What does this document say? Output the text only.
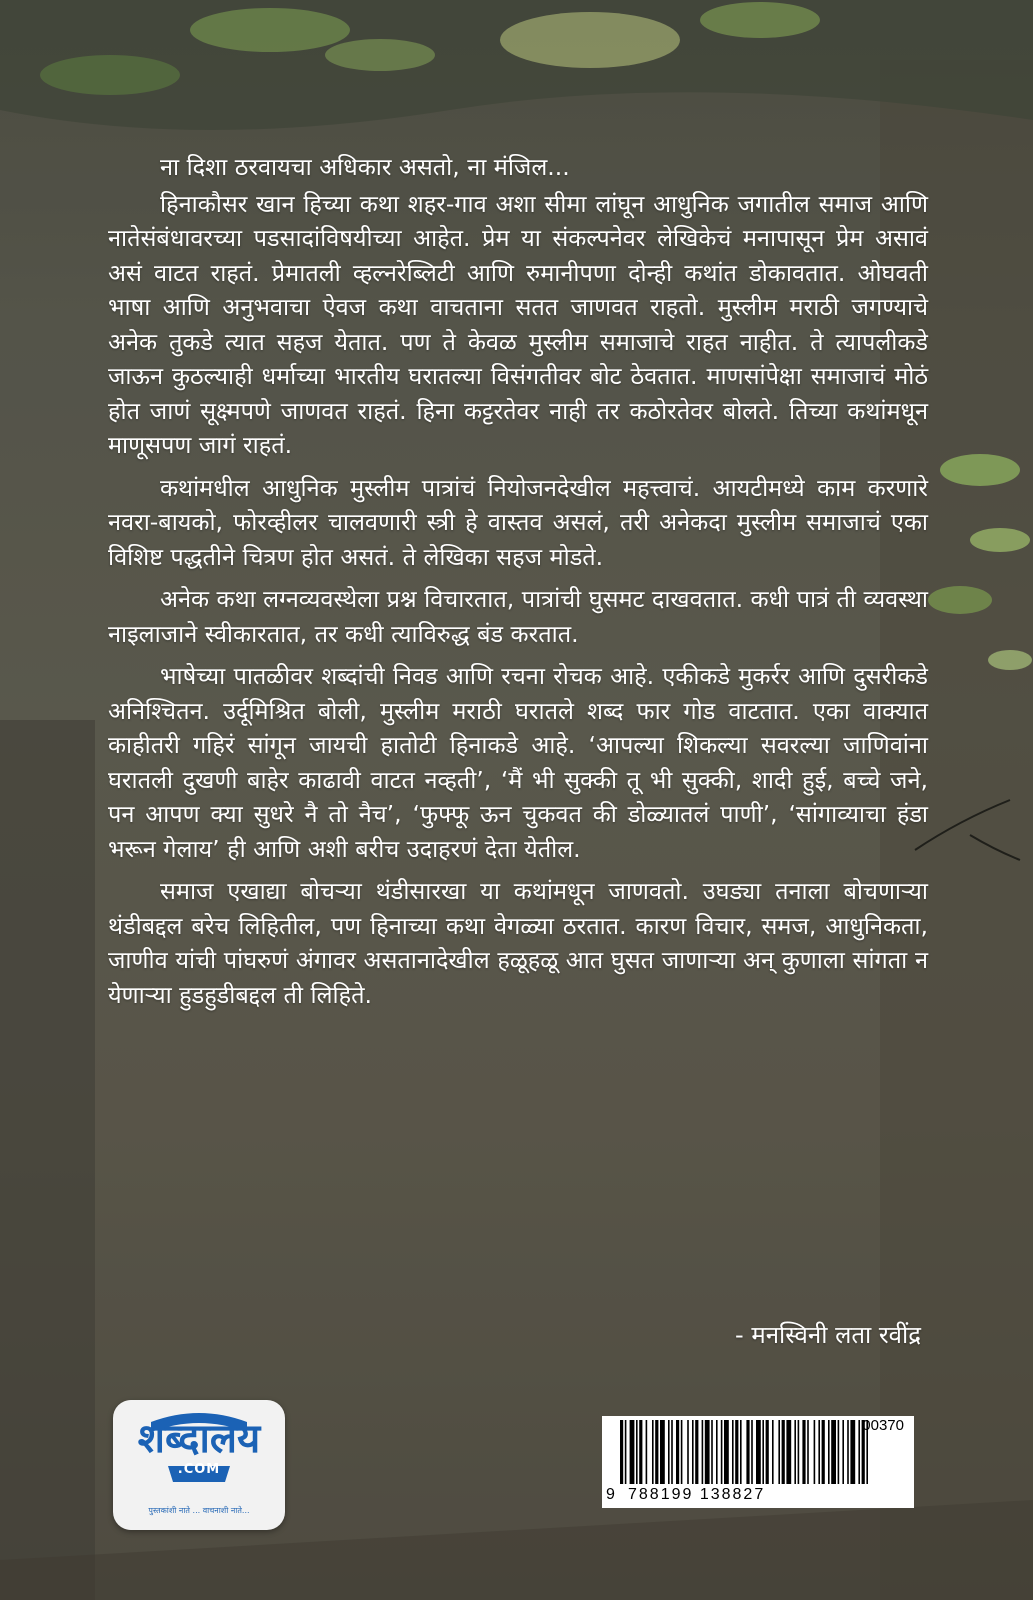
ना दिशा ठरवायचा अधिकार असतो, ना मंजिल...

हिनाकौसर खान हिच्या कथा शहर-गाव अशा सीमा लांघून आधुनिक जगातील समाज आणि नातेसंबंधावरच्या पडसादांविषयीच्या आहेत. प्रेम या संकल्पनेवर लेखिकेचं मनापासून प्रेम असावं असं वाटत राहतं. प्रेमातली व्हल्नरेब्लिटी आणि रुमानीपणा दोन्ही कथांत डोकावतात. ओघवती भाषा आणि अनुभवाचा ऐवज कथा वाचताना सतत जाणवत राहतो. मुस्लीम मराठी जगण्याचे अनेक तुकडे त्यात सहज येतात. पण ते केवळ मुस्लीम समाजाचे राहत नाहीत. ते त्यापलीकडे जाऊन कुठल्याही धर्माच्या भारतीय घरातल्या विसंगतीवर बोट ठेवतात. माणसांपेक्षा समाजाचं मोठं होत जाणं सूक्ष्मपणे जाणवत राहतं. हिना कट्टरतेवर नाही तर कठोरतेवर बोलते. तिच्या कथांमधून माणूसपण जागं राहतं.

कथांमधील आधुनिक मुस्लीम पात्रांचं नियोजनदेखील महत्त्वाचं. आयटीमध्ये काम करणारे नवरा-बायको, फोरव्हीलर चालवणारी स्त्री हे वास्तव असलं, तरी अनेकदा मुस्लीम समाजाचं एका विशिष्ट पद्धतीने चित्रण होत असतं. ते लेखिका सहज मोडते.

अनेक कथा लग्नव्यवस्थेला प्रश्न विचारतात, पात्रांची घुसमट दाखवतात. कधी पात्रं ती व्यवस्था नाइलाजाने स्वीकारतात, तर कधी त्याविरुद्ध बंड करतात.

भाषेच्या पातळीवर शब्दांची निवड आणि रचना रोचक आहे. एकीकडे मुकर्रर आणि दुसरीकडे अनिश्चितन. उर्दूमिश्रित बोली, मुस्लीम मराठी घरातले शब्द फार गोड वाटतात. एका वाक्यात काहीतरी गहिरं सांगून जायची हातोटी हिनाकडे आहे. ‘आपल्या शिकल्या सवरल्या जाणिवांना घरातली दुखणी बाहेर काढावी वाटत नव्हती’, ‘मैं भी सुक्की तू भी सुक्की, शादी हुई, बच्चे जने, पन आपण क्या सुधरे नै तो नैच’, ‘फुफ्फू ऊन चुकवत की डोळ्यातलं पाणी’, ‘सांगाव्याचा हंडा भरून गेलाय’ ही आणि अशी बरीच उदाहरणं देता येतील.

समाज एखाद्या बोचऱ्या थंडीसारखा या कथांमधून जाणवतो. उघड्या तनाला बोचणाऱ्या थंडीबद्दल बरेच लिहितील, पण हिनाच्या कथा वेगळ्या ठरतात. कारण विचार, समज, आधुनिकता, जाणीव यांची पांघरुणं अंगावर असतानादेखील हळूहळू आत घुसत जाणाऱ्या अन् कुणाला सांगता न येणाऱ्या हुडहुडीबद्दल ती लिहिते.

- मनस्विनी लता रवींद्र
शब्दालय
.COM
पुस्तकांशी नाते ... वाचनाशी नाते...
00370
9 788199 138827
